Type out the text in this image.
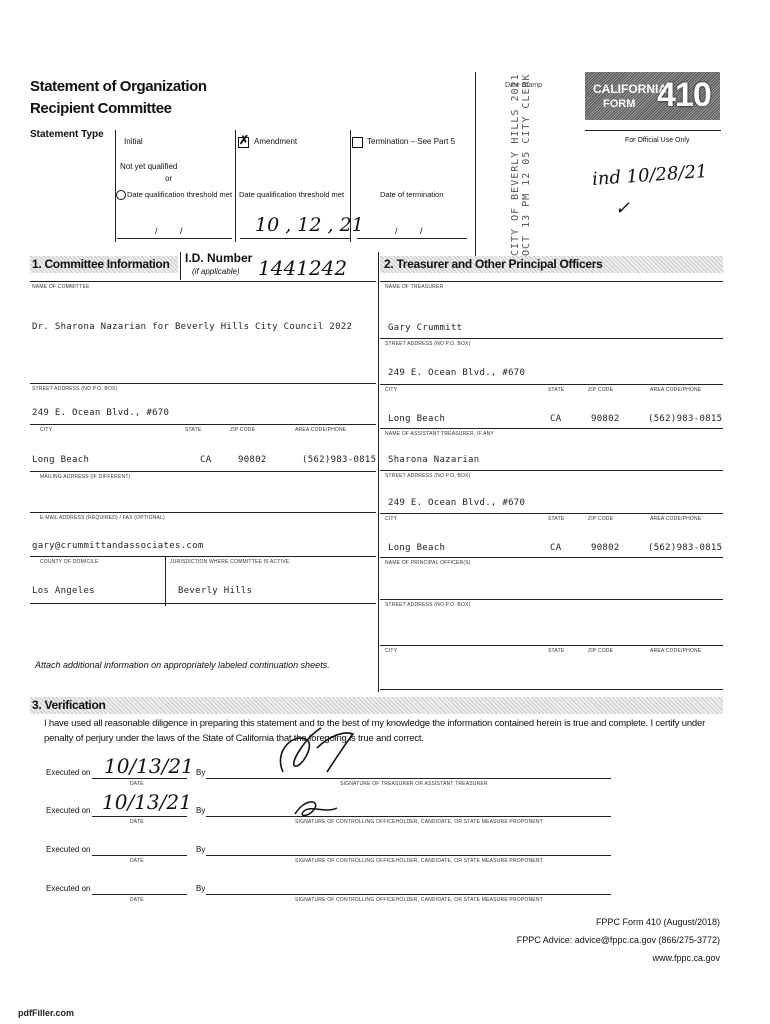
Statement of Organization
Recipient Committee	CITY OF BEVERLY HILLS 2021 OCT 13 PM 12 05 CITY CLERK
Date Stamp	CALIFORNIA
FORM 410
For Official Use Only
ind 10/28/21
✓
Statement Type
Initial
Not yet qualified
or
Date qualification threshold met
/ /
✗ Amendment
Date qualification threshold met
10 , 12 , 21
Termination – See Part 5
Date of termination
/ /
1. Committee Information I.D. Number
(if applicable) 1441242
NAME OF COMMITTEE
Dr. Sharona Nazarian for Beverly Hills City Council 2022
STREET ADDRESS (NO P.O. BOX)
249 E. Ocean Blvd., #670
CITY	STATE	ZIP CODE	AREA CODE/PHONE
Long Beach	CA	90802	(562)983-0815
MAILING ADDRESS (IF DIFFERENT)
E-MAIL ADDRESS (REQUIRED) / FAX (OPTIONAL)
gary@crummittandassociates.com
COUNTY OF DOMICILE	JURISDICTION WHERE COMMITTEE IS ACTIVE
Los Angeles	Beverly Hills
2. Treasurer and Other Principal Officers
NAME OF TREASURER
Gary Crummitt
STREET ADDRESS (NO P.O. BOX)
249 E. Ocean Blvd., #670
CITY	STATE	ZIP CODE	AREA CODE/PHONE
Long Beach	CA	90802	(562)983-0815
NAME OF ASSISTANT TREASURER, IF ANY
Sharona Nazarian
STREET ADDRESS (NO P.O. BOX)
249 E. Ocean Blvd., #670
CITY	STATE	ZIP CODE	AREA CODE/PHONE
Long Beach	CA	90802	(562)983-0815
NAME OF PRINCIPAL OFFICER(S)
STREET ADDRESS (NO P.O. BOX)
CITY	STATE	ZIP CODE	AREA CODE/PHONE
Attach additional information on appropriately labeled continuation sheets.
3. Verification
I have used all reasonable diligence in preparing this statement and to the best of my knowledge the information contained herein is true and complete. I certify under penalty of perjury under the laws of the State of California that the foregoing is true and correct.
Executed on 10/13/21
DATE
By
SIGNATURE OF TREASURER OR ASSISTANT TREASURER
Executed on 10/13/21
DATE
By
SIGNATURE OF CONTROLLING OFFICEHOLDER, CANDIDATE, OR STATE MEASURE PROPONENT
Executed on
DATE
By
SIGNATURE OF CONTROLLING OFFICEHOLDER, CANDIDATE, OR STATE MEASURE PROPONENT
Executed on
DATE
By
SIGNATURE OF CONTROLLING OFFICEHOLDER, CANDIDATE, OR STATE MEASURE PROPONENT
FPPC Form 410 (August/2018)
FPPC Advice: advice@fppc.ca.gov (866/275-3772)
www.fppc.ca.gov
pdfFiller.com
